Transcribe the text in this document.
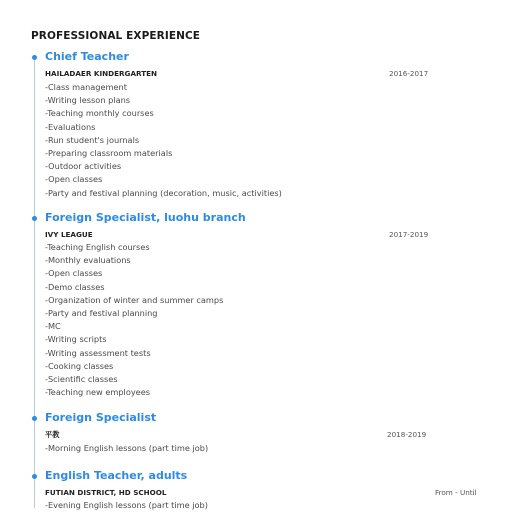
PROFESSIONAL EXPERIENCE
Chief Teacher
HAILADAER KINDERGARTEN	2016-2017
-Class management
-Writing lesson plans
-Teaching monthly courses
-Evaluations
-Run student's journals
-Preparing classroom materials
-Outdoor activities
-Open classes
-Party and festival planning (decoration, music, activities)
Foreign Specialist, luohu branch
IVY LEAGUE	2017-2019
-Teaching English courses
-Monthly evaluations
-Open classes
-Demo classes
-Organization of winter and summer camps
-Party and festival planning
-MC
-Writing scripts
-Writing assessment tests
-Cooking classes
-Scientific classes
-Teaching new employees
Foreign Specialist
平教	2018-2019
-Morning English lessons (part time job)
English Teacher, adults
FUTIAN DISTRICT, HD SCHOOL	From - Until
-Evening English lessons (part time job)
